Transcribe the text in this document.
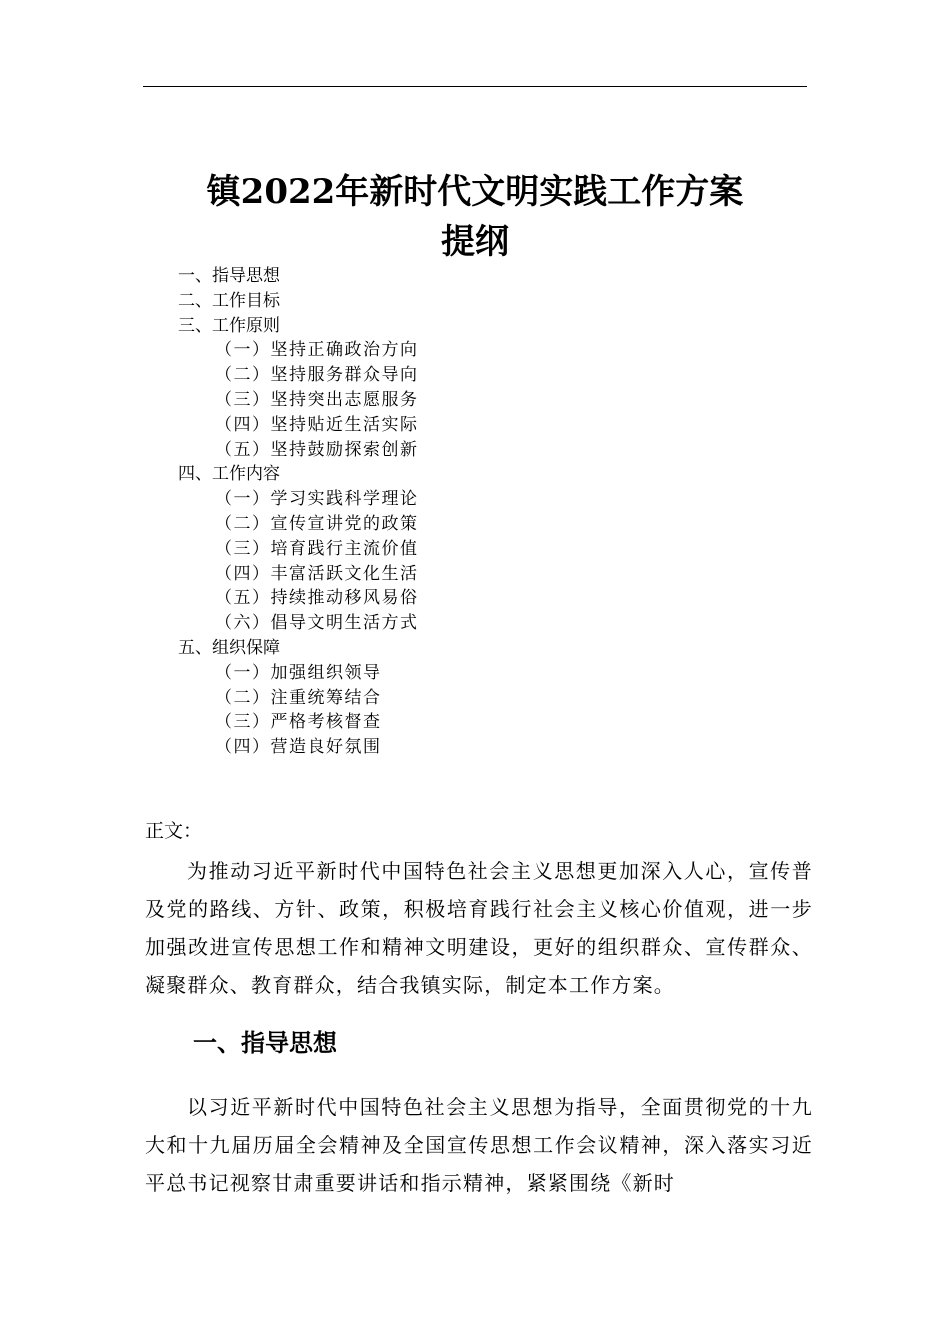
镇2022年新时代文明实践工作方案
提纲
一、指导思想
二、工作目标
三、工作原则
（一）坚持正确政治方向
（二）坚持服务群众导向
（三）坚持突出志愿服务
（四）坚持贴近生活实际
（五）坚持鼓励探索创新
四、工作内容
（一）学习实践科学理论
（二）宣传宣讲党的政策
（三）培育践行主流价值
（四）丰富活跃文化生活
（五）持续推动移风易俗
（六）倡导文明生活方式
五、组织保障
（一）加强组织领导
（二）注重统筹结合
（三）严格考核督查
（四）营造良好氛围
正文：
为推动习近平新时代中国特色社会主义思想更加深入人心，宣传普及党的路线、方针、政策，积极培育践行社会主义核心价值观，进一步加强改进宣传思想工作和精神文明建设，更好的组织群众、宣传群众、凝聚群众、教育群众，结合我镇实际，制定本工作方案。
一、指导思想
以习近平新时代中国特色社会主义思想为指导，全面贯彻党的十九大和十九届历届全会精神及全国宣传思想工作会议精神，深入落实习近平总书记视察甘肃重要讲话和指示精神，紧紧围绕《新时
